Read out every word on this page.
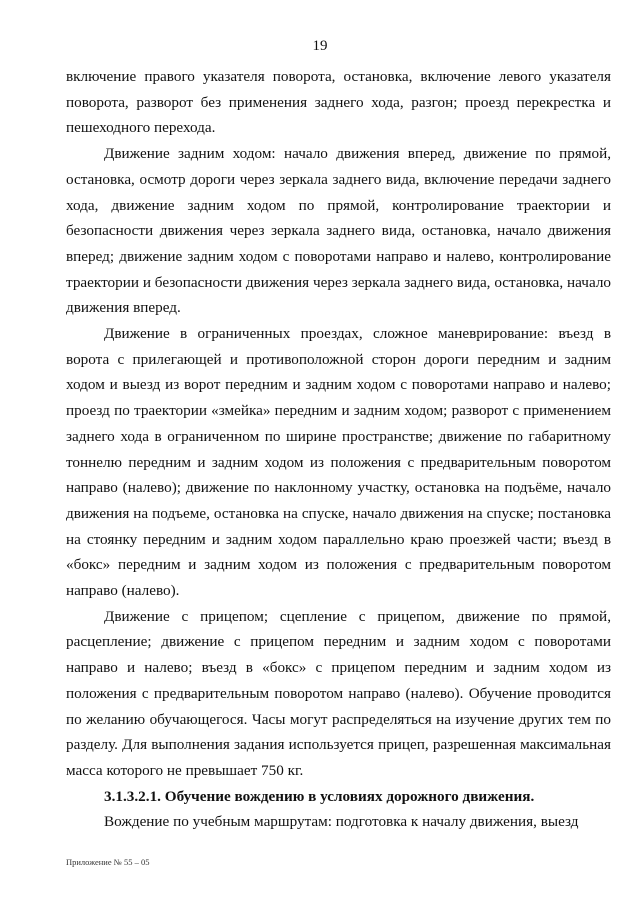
19

включение правого указателя поворота, остановка, включение левого указателя поворота, разворот без применения заднего хода, разгон; проезд перекрестка и пешеходного перехода.

Движение задним ходом: начало движения вперед, движение по прямой, остановка, осмотр дороги через зеркала заднего вида, включение передачи заднего хода, движение задним ходом по прямой, контролирование траектории и безопасности движения через зеркала заднего вида, остановка, начало движения вперед; движение задним ходом с поворотами направо и налево, контролирование траектории и безопасности движения через зеркала заднего вида, остановка, начало движения вперед.

Движение в ограниченных проездах, сложное маневрирование: въезд в ворота с прилегающей и противоположной сторон дороги передним и задним ходом и выезд из ворот передним и задним ходом с поворотами направо и налево; проезд по траектории «змейка» передним и задним ходом; разворот с применением заднего хода в ограниченном по ширине пространстве; движение по габаритному тоннелю передним и задним ходом из положения с предварительным поворотом направо (налево); движение по наклонному участку, остановка на подъёме, начало движения на подъеме, остановка на спуске, начало движения на спуске; постановка на стоянку передним и задним ходом параллельно краю проезжей части; въезд в «бокс» передним и задним ходом из положения с предварительным поворотом направо (налево).

Движение с прицепом; сцепление с прицепом, движение по прямой, расцепление; движение с прицепом передним и задним ходом с поворотами направо и налево; въезд в «бокс» с прицепом передним и задним ходом из положения с предварительным поворотом направо (налево). Обучение проводится по желанию обучающегося. Часы могут распределяться на изучение других тем по разделу. Для выполнения задания используется прицеп, разрешенная максимальная масса которого не превышает 750 кг.

3.1.3.2.1. Обучение вождению в условиях дорожного движения.

Вождение по учебным маршрутам: подготовка к началу движения, выезд

Приложение № 55 – 05
